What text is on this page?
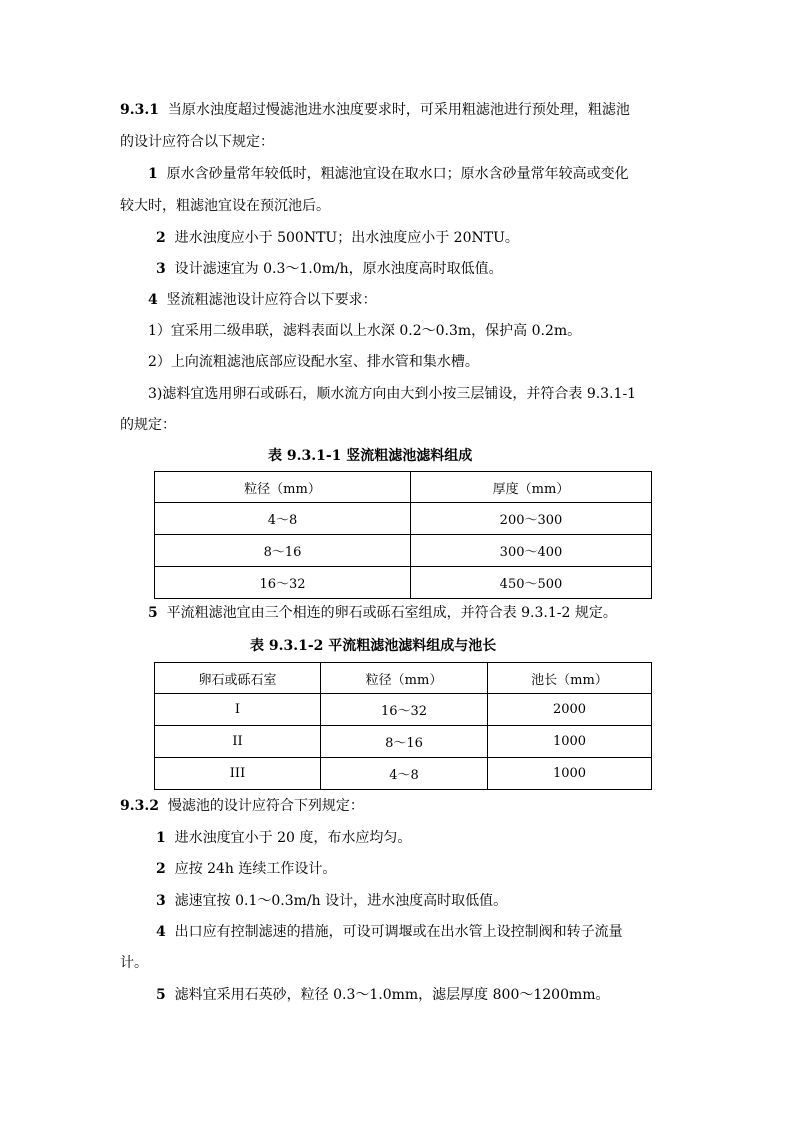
9.3.1 当原水浊度超过慢滤池进水浊度要求时，可采用粗滤池进行预处理，粗滤池
的设计应符合以下规定：
1 原水含砂量常年较低时，粗滤池宜设在取水口；原水含砂量常年较高或变化
较大时，粗滤池宜设在预沉池后。
2 进水浊度应小于 500NTU；出水浊度应小于 20NTU。
3 设计滤速宜为 0.3～1.0m/h，原水浊度高时取低值。
4 竖流粗滤池设计应符合以下要求：
1）宜采用二级串联，滤料表面以上水深 0.2～0.3m，保护高 0.2m。
2）上向流粗滤池底部应设配水室、排水管和集水槽。
3)滤料宜选用卵石或砾石，顺水流方向由大到小按三层铺设，并符合表 9.3.1-1
的规定：
表 9.3.1-1 竖流粗滤池滤料组成
粒径（mm）	厚度（mm）
4～8	200～300
8～16	300～400
16～32	450～500
5 平流粗滤池宜由三个相连的卵石或砾石室组成，并符合表 9.3.1-2 规定。
表 9.3.1-2 平流粗滤池滤料组成与池长
卵石或砾石室	粒径（mm）	池长（mm）
I	16～32	2000
II	8～16	1000
III	4～8	1000
9.3.2 慢滤池的设计应符合下列规定：
1 进水浊度宜小于 20 度，布水应均匀。
2 应按 24h 连续工作设计。
3 滤速宜按 0.1～0.3m/h 设计，进水浊度高时取低值。
4 出口应有控制滤速的措施，可设可调堰或在出水管上设控制阀和转子流量
计。
5 滤料宜采用石英砂，粒径 0.3～1.0mm，滤层厚度 800～1200mm。
